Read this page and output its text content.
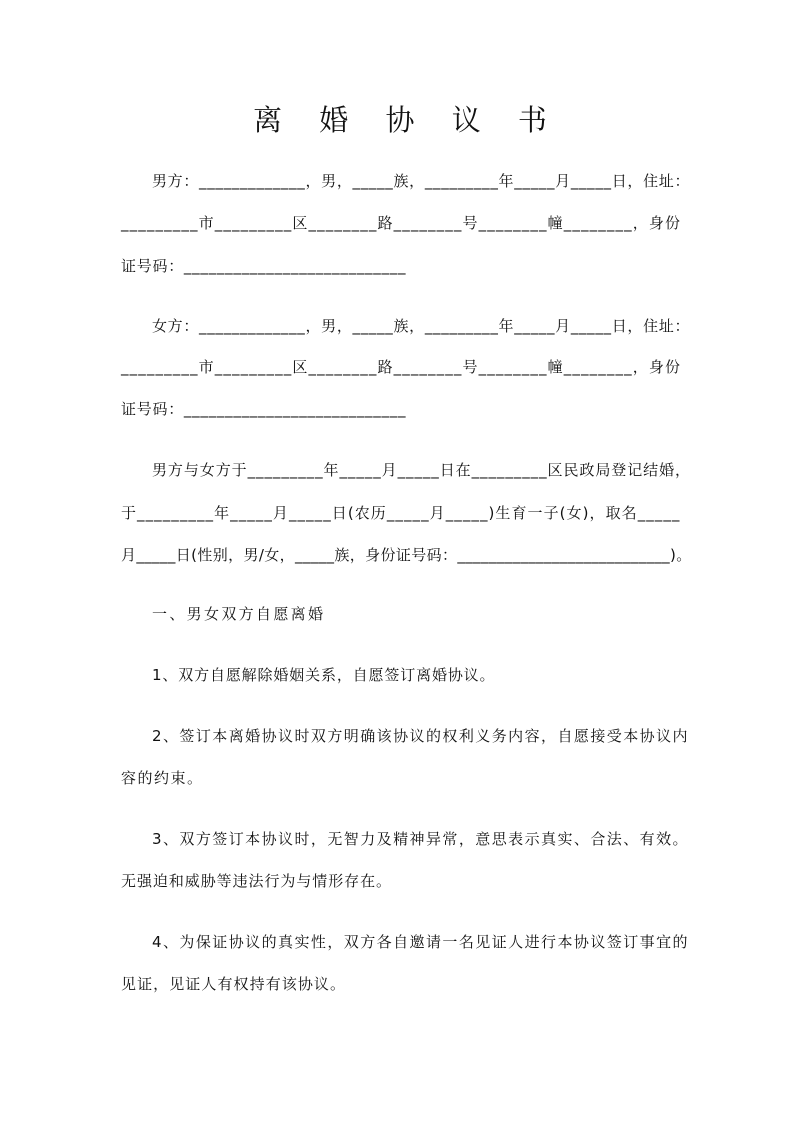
离 婚 协 议 书
男方：_____________，男，_____族，_________年_____月_____日，住址：
_________市_________区________路________号________幢________，身份
证号码：___________________________
女方：_____________，男，_____族，_________年_____月_____日，住址：
_________市_________区________路________号________幢________，身份
证号码：___________________________
男方与女方于_________年_____月_____日在_________区民政局登记结婚，
于_________年_____月_____日(农历_____月_____)生育一子(女)，取名_____
月_____日(性别，男/女，_____族，身份证号码：___________________________)。
一、男女双方自愿离婚
1、双方自愿解除婚姻关系，自愿签订离婚协议。
2、签订本离婚协议时双方明确该协议的权利义务内容，自愿接受本协议内
容的约束。
3、双方签订本协议时，无智力及精神异常，意思表示真实、合法、有效。
无强迫和威胁等违法行为与情形存在。
4、为保证协议的真实性，双方各自邀请一名见证人进行本协议签订事宜的
见证，见证人有权持有该协议。
